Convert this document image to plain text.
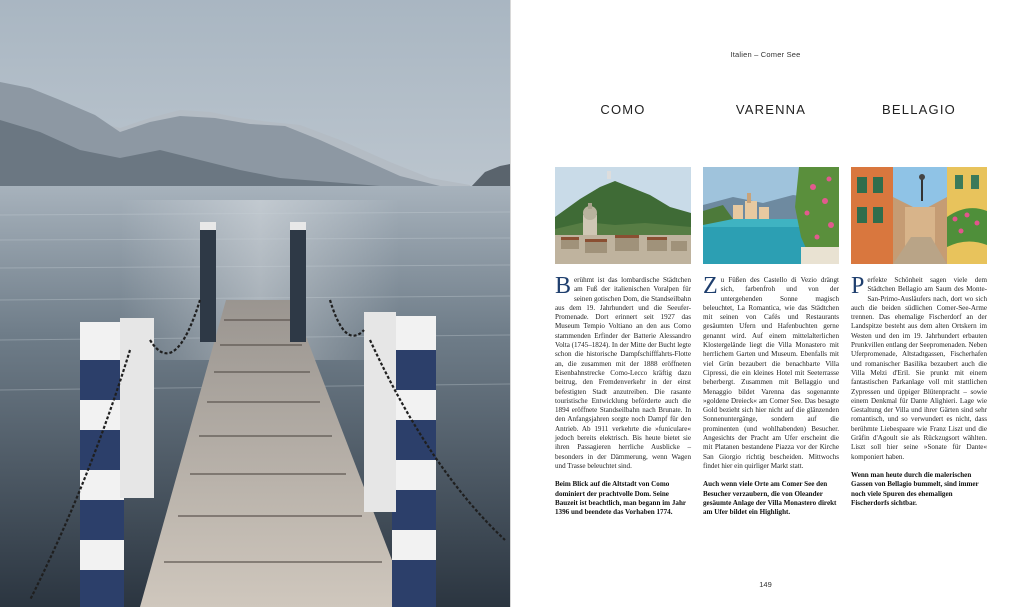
Italien – Comer See
COMO	VARENNA	BELLAGIO

Berühmt ist das lombardische Städtchen am Fuß der italienischen Voralpen für seinen gotischen Dom, die Standseilbahn aus dem 19. Jahrhundert und die Seeufer-Promenade. Dort erinnert seit 1927 das Museum Tempio Voltiano an den aus Como stammenden Erfinder der Batterie Alessandro Volta (1745–1824). In der Mitte der Bucht legte schon die historische Dampfschifffahrts-Flotte an, die zusammen mit der 1888 eröffneten Eisenbahnstrecke Como-Lecco kräftig dazu beitrug, den Fremdenverkehr in der einst befestigten Stadt anzutreiben. Die rasante touristische Entwicklung beförderte auch die 1894 eröffnete Standseilbahn nach Brunate. In den Anfangsjahren sorgte noch Dampf für den Antrieb. Ab 1911 verkehrte die »funiculare« jedoch bereits elektrisch. Bis heute bietet sie ihren Passagieren herrliche Ausblicke – besonders in der Dämmerung, wenn Wagen und Trasse beleuchtet sind.

Beim Blick auf die Altstadt von Como dominiert der prachtvolle Dom. Seine Bauzeit ist beachtlich, man begann im Jahr 1396 und beendete das Vorhaben 1774.

Zu Füßen des Castello di Vezio drängt sich, farbenfroh und von der untergehenden Sonne magisch beleuchtet, La Romantica, wie das Städtchen mit seinen von Cafés und Restaurants gesäumten Ufern und Hafenbuchten gerne genannt wird. Auf einem mittelalterlichen Klostergelände liegt die Villa Monastero mit herrlichem Garten und Museum. Ebenfalls mit viel Grün bezaubert die benachbarte Villa Cipressi, die ein kleines Hotel mit Seeterrasse beherbergt. Zusammen mit Bellaggio und Menaggio bildet Varenna das sogenannte »goldene Dreieck« am Comer See. Das besagte Gold bezieht sich hier nicht auf die glänzenden Sonnenuntergänge, sondern auf die prominenten (und wohlhabenden) Besucher. Angesichts der Pracht am Ufer erscheint die mit Platanen bestandene Piazza vor der Kirche San Giorgio richtig bescheiden. Mittwochs findet hier ein quirliger Markt statt.

Auch wenn viele Orte am Comer See den Besucher verzaubern, die von Oleander gesäumte Anlage der Villa Monastero direkt am Ufer bildet ein Highlight.

Perfekte Schönheit sagen viele dem Städtchen Bellagio am Saum des Monte-San-Primo-Ausläufers nach, dort wo sich auch die beiden südlichen Comer-See-Arme trennen. Das ehemalige Fischerdorf an der Landspitze besteht aus dem alten Ortskern im Westen und den im 19. Jahrhundert erbauten Prunkvillen entlang der Seepromenaden. Neben Uferpromenade, Altstadtgassen, Fischerhafen und romanischer Basilika bezaubert auch die Villa Melzi d'Eril. Sie prunkt mit einem fantastischen Parkanlage voll mit stattlichen Zypressen und üppiger Blütenpracht – sowie einem Denkmal für Dante Alighieri. Lage wie Gestaltung der Villa und ihrer Gärten sind sehr romantisch, und so verwundert es nicht, dass berühmte Liebespaare wie Franz Liszt und die Gräfin d'Agoult sie als Rückzugsort wählten. Liszt soll hier seine »Sonate für Dante« komponiert haben.

Wenn man heute durch die malerischen Gassen von Bellagio bummelt, sind immer noch viele Spuren des ehemaligen Fischerdorfs sichtbar.
149
